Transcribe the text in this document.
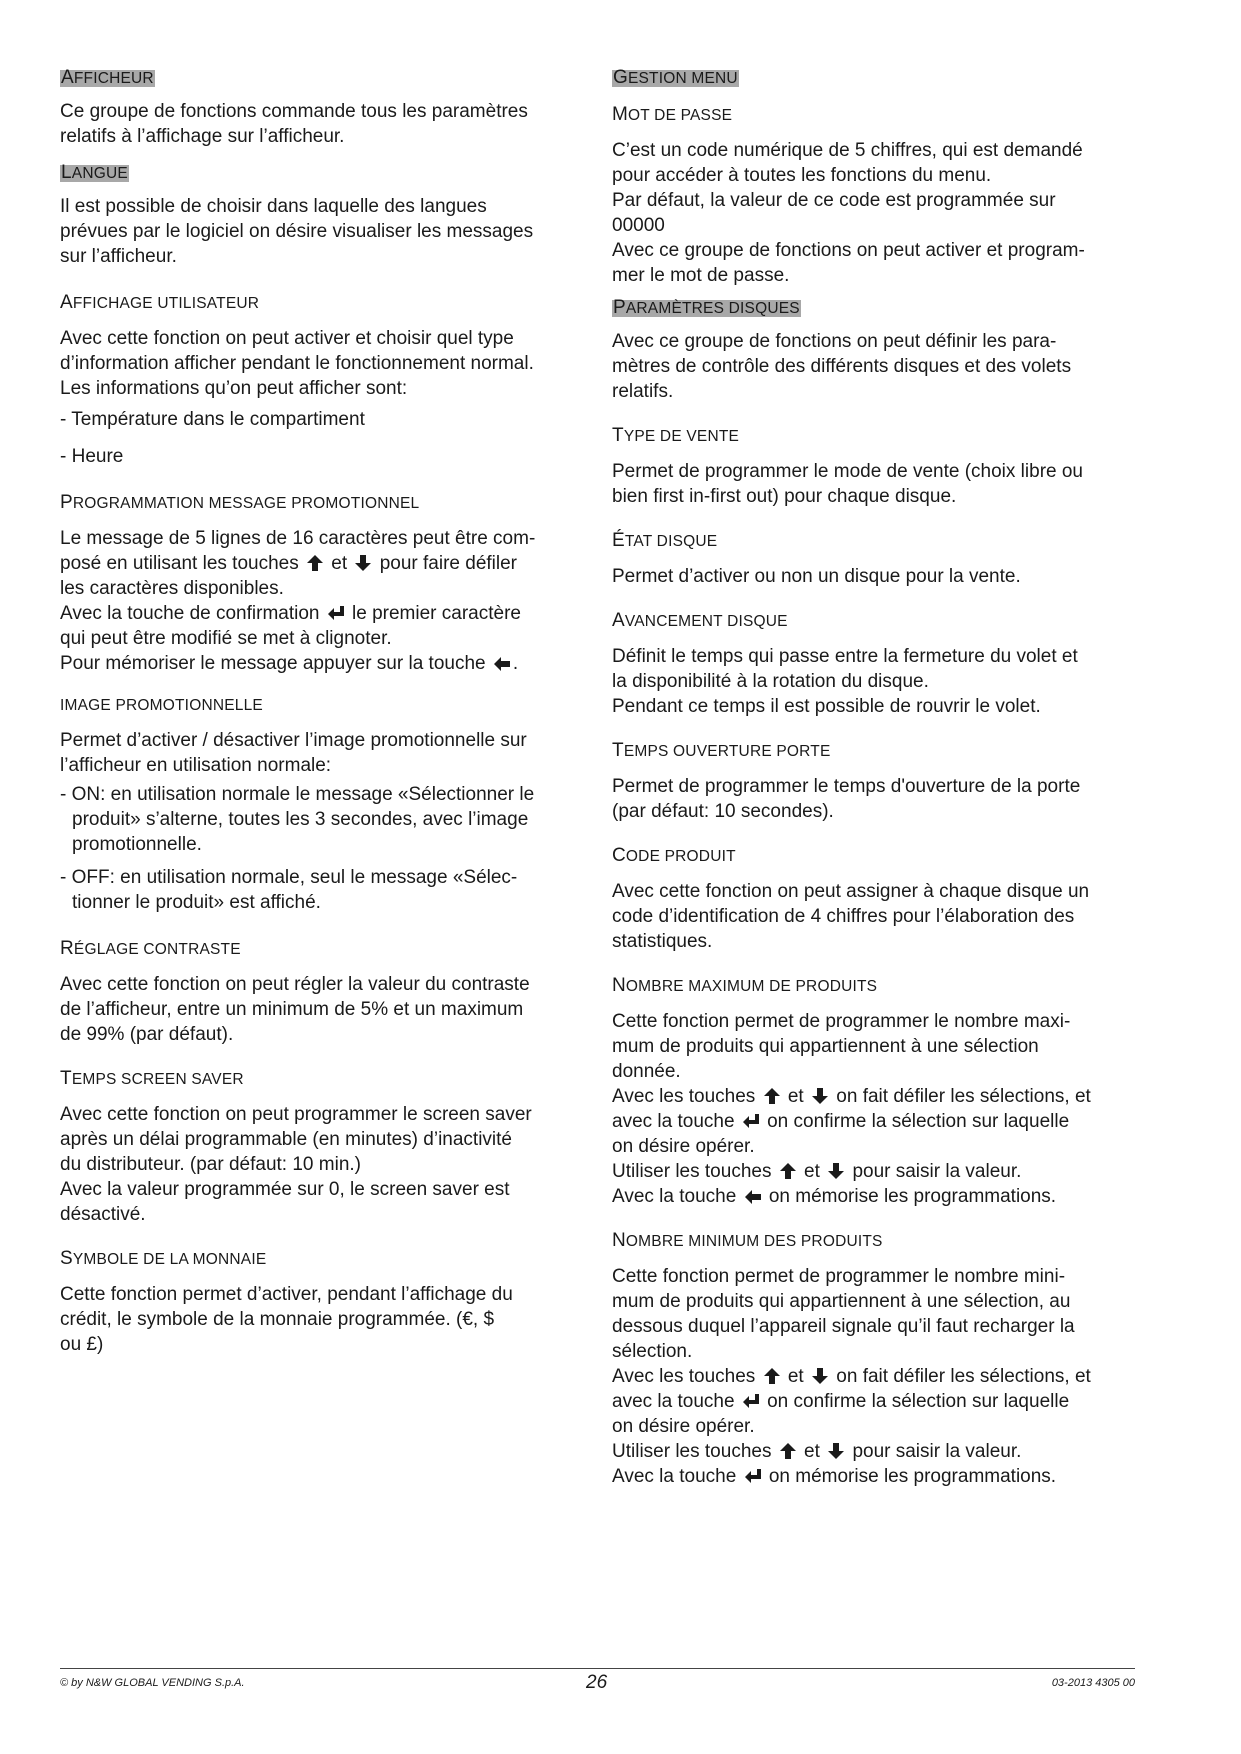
AFFICHEUR
Ce groupe de fonctions commande tous les paramètres
relatifs à l’affichage sur l’afficheur.
LANGUE
Il est possible de choisir dans laquelle des langues
prévues par le logiciel on désire visualiser les messages
sur l’afficheur.
AFFICHAGE UTILISATEUR
Avec cette fonction on peut activer et choisir quel type
d’information afficher pendant le fonctionnement normal.
Les informations qu’on peut afficher sont:
- Température dans le compartiment
- Heure
PROGRAMMATION MESSAGE PROMOTIONNEL
Le message de 5 lignes de 16 caractères peut être com-
posé en utilisant les touches et pour faire défiler
les caractères disponibles.
Avec la touche de confirmation le premier caractère
qui peut être modifié se met à clignoter.
Pour mémoriser le message appuyer sur la touche .
IMAGE PROMOTIONNELLE
Permet d’activer / désactiver l’image promotionnelle sur
l’afficheur en utilisation normale:
- ON: en utilisation normale le message «Sélectionner le
produit» s’alterne, toutes les 3 secondes, avec l’image
promotionnelle.
- OFF: en utilisation normale, seul le message «Sélec-
tionner le produit» est affiché.
RÉGLAGE CONTRASTE
Avec cette fonction on peut régler la valeur du contraste
de l’afficheur, entre un minimum de 5% et un maximum
de 99% (par défaut).
TEMPS SCREEN SAVER
Avec cette fonction on peut programmer le screen saver
après un délai programmable (en minutes) d’inactivité
du distributeur. (par défaut: 10 min.)
Avec la valeur programmée sur 0, le screen saver est
désactivé.
SYMBOLE DE LA MONNAIE
Cette fonction permet d’activer, pendant l’affichage du
crédit, le symbole de la monnaie programmée. (€, $
ou £)
GESTION MENU
MOT DE PASSE
C’est un code numérique de 5 chiffres, qui est demandé
pour accéder à toutes les fonctions du menu.
Par défaut, la valeur de ce code est programmée sur
00000
Avec ce groupe de fonctions on peut activer et program-
mer le mot de passe.
PARAMÈTRES DISQUES
Avec ce groupe de fonctions on peut définir les para-
mètres de contrôle des différents disques et des volets
relatifs.
TYPE DE VENTE
Permet de programmer le mode de vente (choix libre ou
bien first in-first out) pour chaque disque.
ÉTAT DISQUE
Permet d’activer ou non un disque pour la vente.
AVANCEMENT DISQUE
Définit le temps qui passe entre la fermeture du volet et
la disponibilité à la rotation du disque.
Pendant ce temps il est possible de rouvrir le volet.
TEMPS OUVERTURE PORTE
Permet de programmer le temps d'ouverture de la porte
(par défaut: 10 secondes).
CODE PRODUIT
Avec cette fonction on peut assigner à chaque disque un
code d’identification de 4 chiffres pour l’élaboration des
statistiques.
NOMBRE MAXIMUM DE PRODUITS
Cette fonction permet de programmer le nombre maxi-
mum de produits qui appartiennent à une sélection
donnée.
Avec les touches et on fait défiler les sélections, et
avec la touche on confirme la sélection sur laquelle
on désire opérer.
Utiliser les touches et pour saisir la valeur.
Avec la touche on mémorise les programmations.
NOMBRE MINIMUM DES PRODUITS
Cette fonction permet de programmer le nombre mini-
mum de produits qui appartiennent à une sélection, au
dessous duquel l’appareil signale qu’il faut recharger la
sélection.
Avec les touches et on fait défiler les sélections, et
avec la touche on confirme la sélection sur laquelle
on désire opérer.
Utiliser les touches et pour saisir la valeur.
Avec la touche on mémorise les programmations.
© by N&W GLOBAL VENDING S.p.A.	26	03-2013 4305 00
